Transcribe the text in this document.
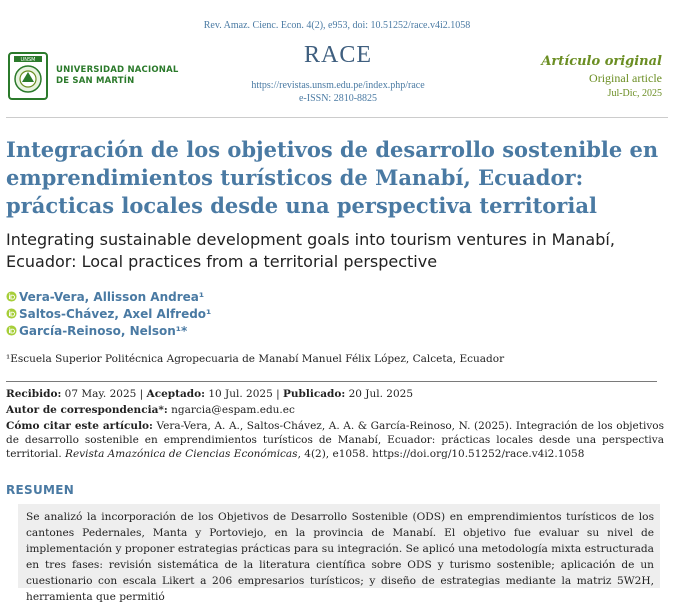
Rev. Amaz. Cienc. Econ. 4(2), e953, doi: 10.51252/race.v4i2.1058
UNSM
UNIVERSIDAD NACIONAL
DE SAN MARTÍN
RACE
https://revistas.unsm.edu.pe/index.php/race
e-ISSN: 2810-8825
Artículo original
Original article
Jul-Dic, 2025
Integración de los objetivos de desarrollo sostenible en emprendimientos turísticos de Manabí, Ecuador: prácticas locales desde una perspectiva territorial
Integrating sustainable development goals into tourism ventures in Manabí, Ecuador: Local practices from a territorial perspective
Vera-Vera, Allisson Andrea¹
Saltos-Chávez, Axel Alfredo¹
García-Reinoso, Nelson¹*
¹Escuela Superior Politécnica Agropecuaria de Manabí Manuel Félix López, Calceta, Ecuador
Recibido: 07 May. 2025 | Aceptado: 10 Jul. 2025 | Publicado: 20 Jul. 2025
Autor de correspondencia*: ngarcia@espam.edu.ec
Cómo citar este artículo: Vera-Vera, A. A., Saltos-Chávez, A. A. & García-Reinoso, N. (2025). Integración de los objetivos de desarrollo sostenible en emprendimientos turísticos de Manabí, Ecuador: prácticas locales desde una perspectiva territorial. Revista Amazónica de Ciencias Económicas, 4(2), e1058. https://doi.org/10.51252/race.v4i2.1058
RESUMEN
Se analizó la incorporación de los Objetivos de Desarrollo Sostenible (ODS) en emprendimientos turísticos de los cantones Pedernales, Manta y Portoviejo, en la provincia de Manabí. El objetivo fue evaluar su nivel de implementación y proponer estrategias prácticas para su integración. Se aplicó una metodología mixta estructurada en tres fases: revisión sistemática de la literatura científica sobre ODS y turismo sostenible; aplicación de un cuestionario con escala Likert a 206 empresarios turísticos; y diseño de estrategias mediante la matriz 5W2H, herramienta que permitió
